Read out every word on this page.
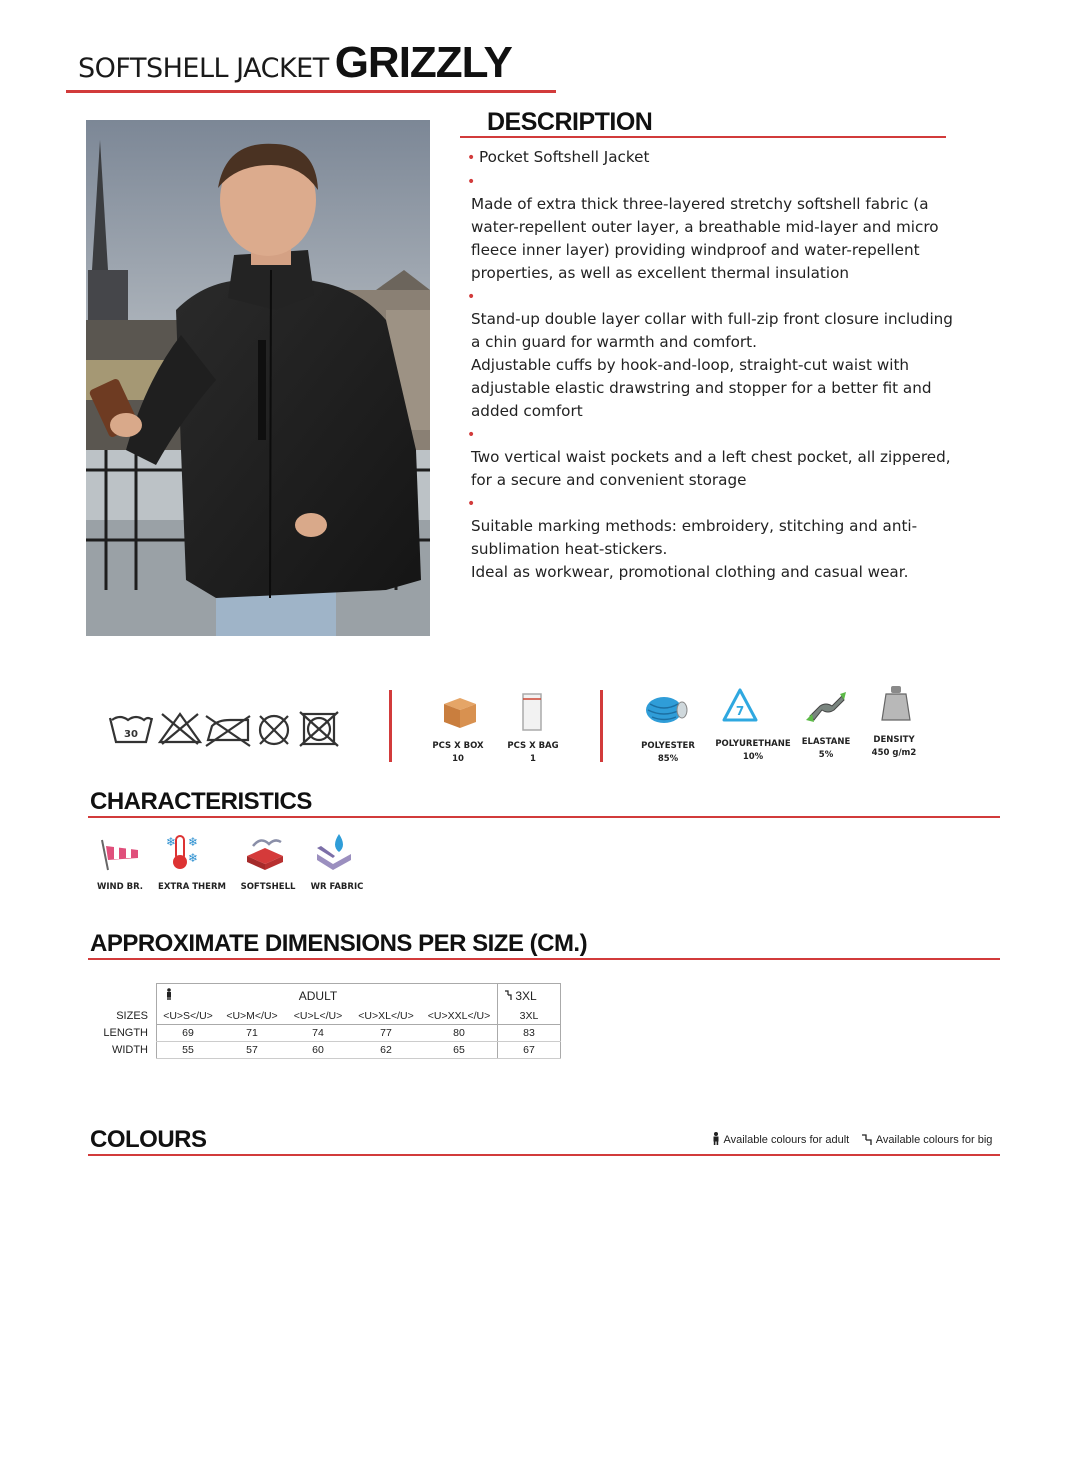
SOFTSHELL JACKET GRIZZLY
DESCRIPTION
• Pocket Softshell Jacket
•

Made of extra thick three-layered stretchy softshell fabric (a water-repellent outer layer, a breathable mid-layer and micro fleece inner layer) providing windproof and water-repellent properties, as well as excellent thermal insulation

•

Stand-up double layer collar with full-zip front closure including a chin guard for warmth and comfort.

Adjustable cuffs by hook-and-loop, straight-cut waist with adjustable elastic drawstring and stopper for a better fit and added comfort

•

Two vertical waist pockets and a left chest pocket, all zippered, for a secure and convenient storage

•

Suitable marking methods: embroidery, stitching and anti-sublimation heat-stickers.

Ideal as workwear, promotional clothing and casual wear.

30
PCS X BOX
10
PCS X BAG
1
POLYESTER
85%
7
POLYURETHANE
10%
ELASTANE
5%
DENSITY
450 g/m2
CHARACTERISTICS
❄ ❄
❄
WIND BR.	EXTRA THERM	SOFTSHELL	WR FABRIC
APPROXIMATE DIMENSIONS PER SIZE (CM.)
		ADULT					3XL
SIZES	<U>S</U>		<U>M</U>	<U>L</U>	<U>XL</U>	<U>XXL</U>	3XL
LENGTH	69		71	74	77	80	83
WIDTH	55		57	60	62	65	67
COLOURS	Available colours for adult Available colours for big
